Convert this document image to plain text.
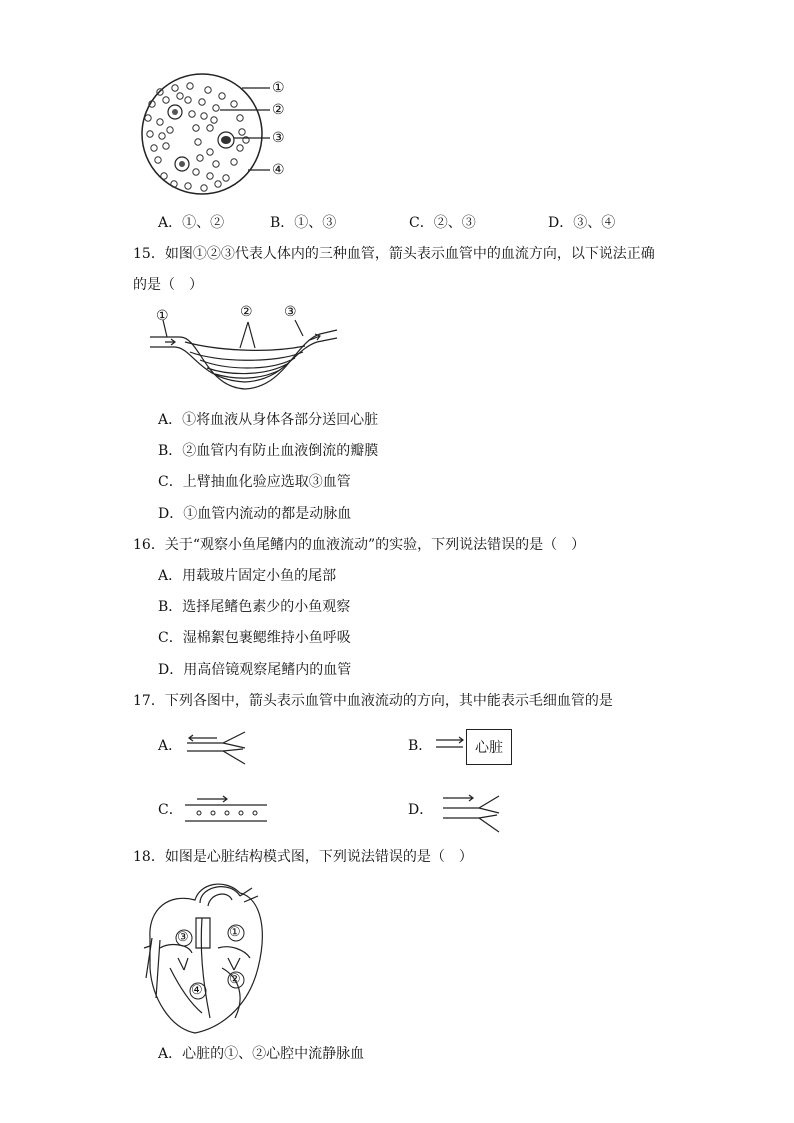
①
②
③
④
A．①、②	B．①、③	C．②、③	D．③、④
15．如图①②③代表人体内的三种血管，箭头表示血管中的血流方向，以下说法正确
的是（　）
①	② ③
A．①将血液从身体各部分送回心脏
B．②血管内有防止血液倒流的瓣膜
C．上臂抽血化验应选取③血管
D．①血管内流动的都是动脉血
16．关于“观察小鱼尾鳍内的血液流动”的实验，下列说法错误的是（　）
A．用载玻片固定小鱼的尾部
B．选择尾鳍色素少的小鱼观察
C．湿棉絮包裹鳃维持小鱼呼吸
D．用高倍镜观察尾鳍内的血管
17．下列各图中，箭头表示血管中血液流动的方向，其中能表示毛细血管的是
A．	B．	心脏
C．	D．
18．如图是心脏结构模式图，下列说法错误的是（　）
①
②
③
④
A．心脏的①、②心腔中流静脉血
